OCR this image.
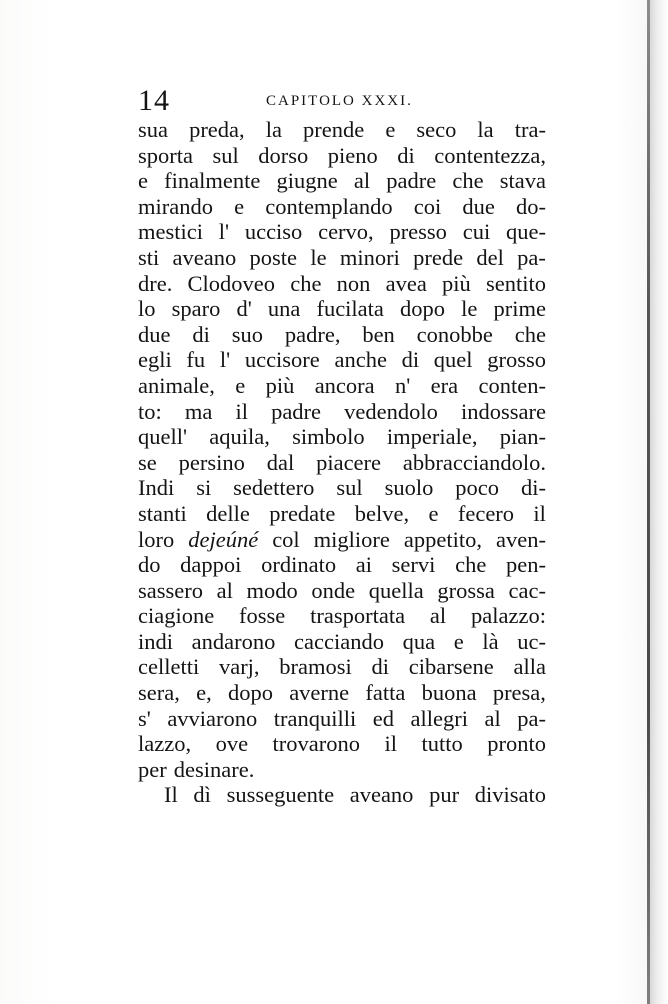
14	CAPITOLO XXXI.
sua preda, la prende e seco la tra-
sporta sul dorso pieno di contentezza,
e finalmente giugne al padre che stava
mirando e contemplando coi due do-
mestici l' ucciso cervo, presso cui que-
sti aveano poste le minori prede del pa-
dre. Clodoveo che non avea più sentito
lo sparo d' una fucilata dopo le prime
due di suo padre, ben conobbe che
egli fu l' uccisore anche di quel grosso
animale, e più ancora n' era conten-
to: ma il padre vedendolo indossare
quell' aquila, simbolo imperiale, pian-
se persino dal piacere abbracciandolo.
Indi si sedettero sul suolo poco di-
stanti delle predate belve, e fecero il
loro dejeúné col migliore appetito, aven-
do dappoi ordinato ai servi che pen-
sassero al modo onde quella grossa cac-
ciagione fosse trasportata al palazzo:
indi andarono cacciando qua e là uc-
celletti varj, bramosi di cibarsene alla
sera, e, dopo averne fatta buona presa,
s' avviarono tranquilli ed allegri al pa-
lazzo, ove trovarono il tutto pronto
per desinare.
Il dì susseguente aveano pur divisato
